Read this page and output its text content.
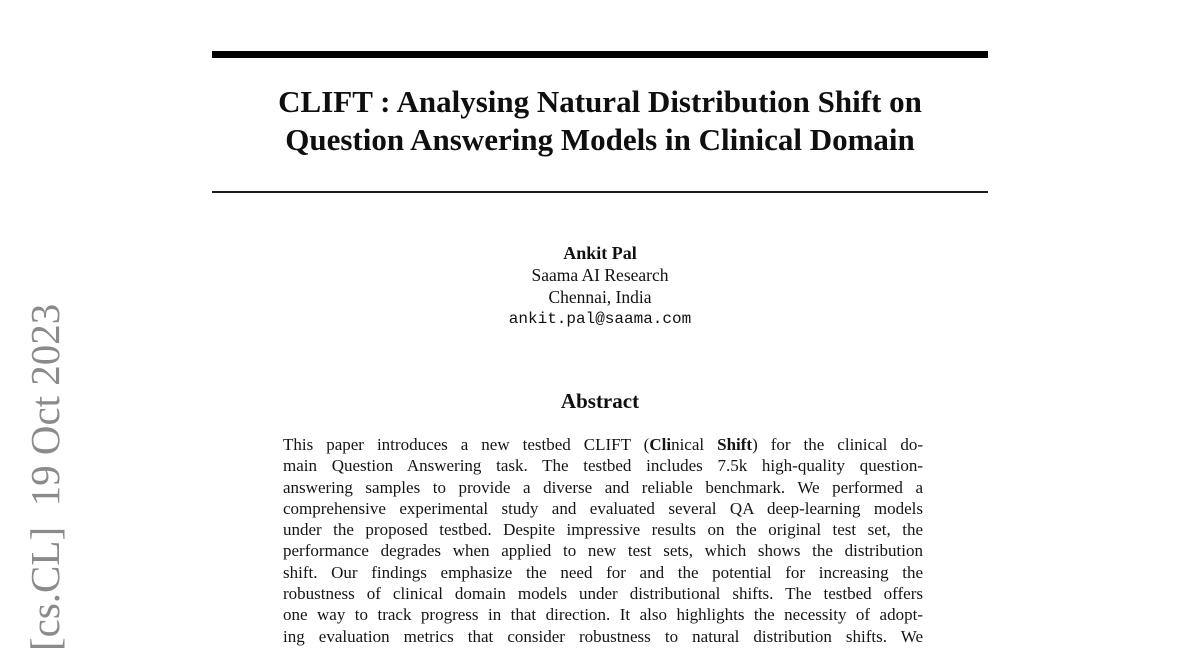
[cs.CL]  19 Oct 2023
CLIFT : Analysing Natural Distribution Shift on
Question Answering Models in Clinical Domain
Ankit Pal
Saama AI Research
Chennai, India
ankit.pal@saama.com
Abstract
This paper introduces a new testbed CLIFT (Clinical Shift) for the clinical do-
main Question Answering task. The testbed includes 7.5k high-quality question-
answering samples to provide a diverse and reliable benchmark. We performed a
comprehensive experimental study and evaluated several QA deep-learning models
under the proposed testbed. Despite impressive results on the original test set, the
performance degrades when applied to new test sets, which shows the distribution
shift. Our findings emphasize the need for and the potential for increasing the
robustness of clinical domain models under distributional shifts. The testbed offers
one way to track progress in that direction. It also highlights the necessity of adopt-
ing evaluation metrics that consider robustness to natural distribution shifts. We
